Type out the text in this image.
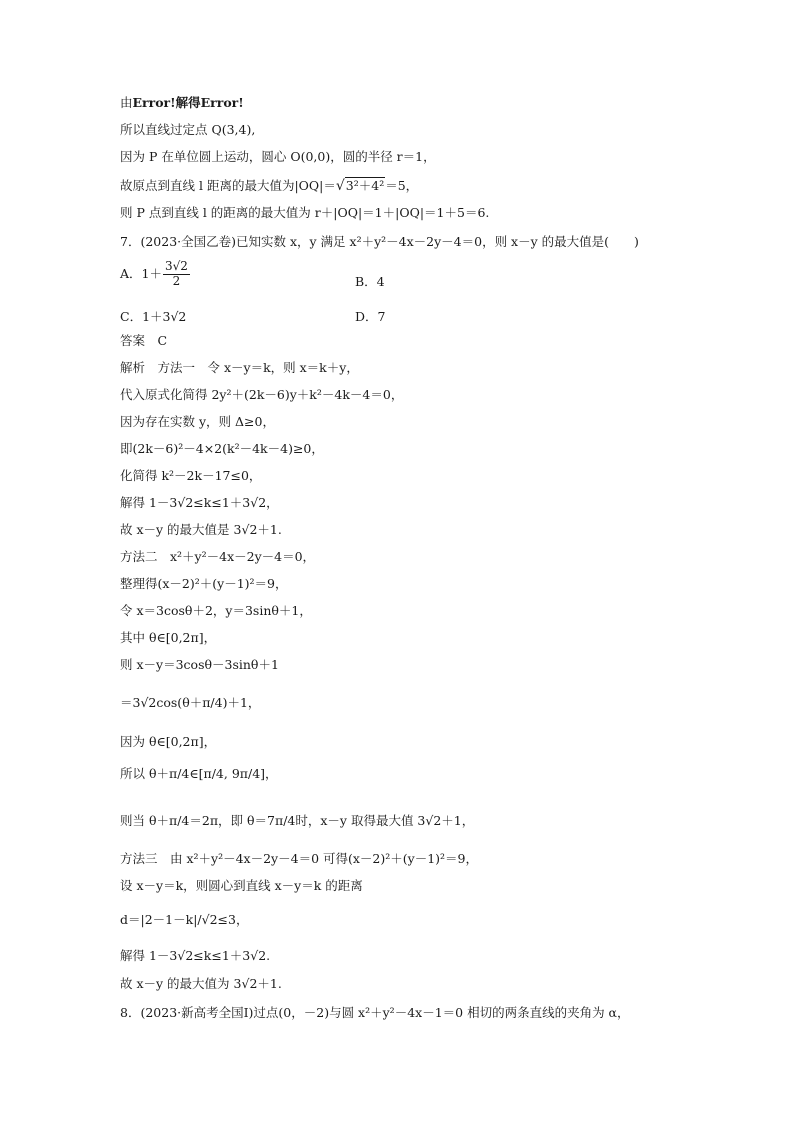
由Error!解得Error!
所以直线过定点 Q(3,4),
因为 P 在单位圆上运动，圆心 O(0,0)，圆的半径 r＝1，
故原点到直线 l 距离的最大值为|OQ|＝√3²＋4²＝5，
则 P 点到直线 l 的距离的最大值为 r＋|OQ|＝1＋|OQ|＝1＋5＝6.
7．(2023·全国乙卷)已知实数 x，y 满足 x²＋y²－4x－2y－4＝0，则 x－y 的最大值是(　　)
A．$1+ \frac{3√2}{2}$	B．4
C．1＋3√2	D．7
答案　C
解析　方法一　令 x－y＝k，则 x＝k＋y，
代入原式化简得 2y²＋(2k－6)y＋k²－4k－4＝0，
因为存在实数 y，则 Δ≥0，
即(2k－6)²－4×2(k²－4k－4)≥0，
化简得 k²－2k－17≤0，
解得 1－3√2≤k≤1＋3√2，
故 x－y 的最大值是 3√2＋1.
方法二　x²＋y²－4x－2y－4＝0，
整理得(x－2)²＋(y－1)²＝9，
令 x＝3cosθ＋2，y＝3sinθ＋1，
其中 θ∈[0,2π]，
则 x－y＝3cosθ－3sinθ＋1
＝3√2cos(θ＋π/4)＋1，
因为 θ∈[0,2π]，
所以 θ＋π/4∈[π/4, 9π/4]，
则当 θ＋π/4＝2π，即 θ＝7π/4时，x－y 取得最大值 3√2＋1，
方法三　由 x²＋y²－4x－2y－4＝0 可得(x－2)²＋(y－1)²＝9，
设 x－y＝k，则圆心到直线 x－y＝k 的距离
d＝|2－1－k|/√2≤3，
解得 1－3√2≤k≤1＋3√2.
故 x－y 的最大值为 3√2＋1.
8．(2023·新高考全国Ⅰ)过点(0，－2)与圆 x²＋y²－4x－1＝0 相切的两条直线的夹角为 α，
